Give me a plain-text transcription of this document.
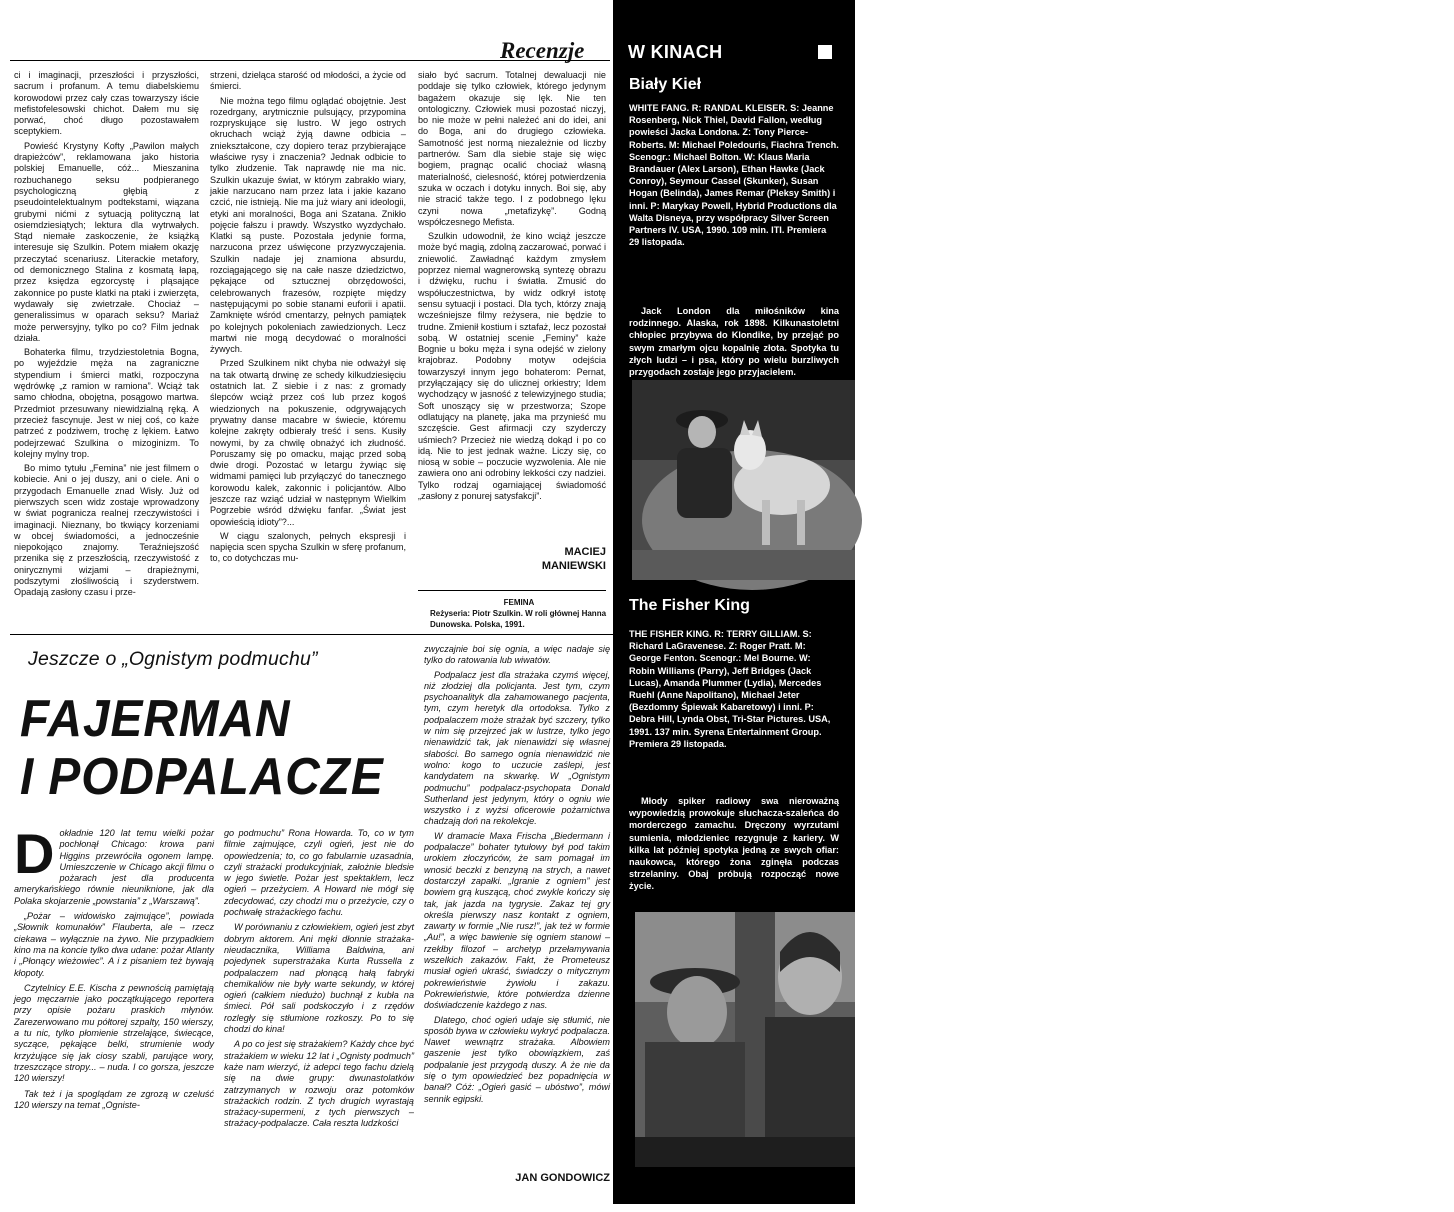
Recenzje

ci i imaginacji, przeszłości i przyszłości, sacrum i profanum. A temu diabelskiemu korowodowi przez cały czas towarzyszy iście mefistofelesowski chichot. Dałem mu się porwać, choć długo pozostawałem sceptykiem.

Powieść Krystyny Kofty „Pawilon małych drapieżców”, reklamowana jako historia polskiej Emanuelle, cóż... Mieszanina rozbuchanego seksu podpieranego psychologiczną głębią z pseudointelektualnym podtekstami, wiązana grubymi nićmi z sytuacją polityczną lat osiemdziesiątych; lektura dla wytrwałych. Stąd niemałe zaskoczenie, że książką interesuje się Szulkin. Potem miałem okazję przeczytać scenariusz. Literackie metafory, od demonicznego Stalina z kosmatą łapą, przez księdza egzorcystę i pląsające zakonnice po puste klatki na ptaki i zwierzęta, wydawały się zwietrzałe. Chociaż – generalissimus w oparach seksu? Mariaż może perwersyjny, tylko po co? Film jednak działa.

Bohaterka filmu, trzydziestoletnia Bogna, po wyjeździe męża na zagraniczne stypendium i śmierci matki, rozpoczyna wędrówkę „z ramion w ramiona”. Wciąż tak samo chłodna, obojętna, posągowo martwa. Przedmiot przesuwany niewidzialną ręką. A przecież fascynuje. Jest w niej coś, co każe patrzeć z podziwem, trochę z lękiem. Łatwo podejrzewać Szulkina o mizoginizm. To kolejny mylny trop.

Bo mimo tytułu „Femina” nie jest filmem o kobiecie. Ani o jej duszy, ani o ciele. Ani o przygodach Emanuelle znad Wisły. Już od pierwszych scen widz zostaje wprowadzony w świat pogranicza realnej rzeczywistości i imaginacji. Nieznany, bo tkwiący korzeniami w obcej świadomości, a jednocześnie niepokojąco znajomy. Teraźniejszość przenika się z przeszłością, rzeczywistość z onirycznymi wizjami – drapieżnymi, podszytymi złośliwością i szyderstwem. Opadają zasłony czasu i prze-

strzeni, dzieląca starość od młodości, a życie od śmierci.

Nie można tego filmu oglądać obojętnie. Jest rozedrgany, arytmicznie pulsujący, przypomina rozpryskujące się lustro. W jego ostrych okruchach wciąż żyją dawne odbicia – zniekształcone, czy dopiero teraz przybierające właściwe rysy i znaczenia? Jednak odbicie to tylko złudzenie. Tak naprawdę nie ma nic. Szulkin ukazuje świat, w którym zabrakło wiary, jakie narzucano nam przez lata i jakie kazano czcić, nie istnieją. Nie ma już wiary ani ideologii, etyki ani moralności, Boga ani Szatana. Znikło pojęcie fałszu i prawdy. Wszystko wyzdychało. Klatki są puste. Pozostała jedynie forma, narzucona przez uświęcone przyzwyczajenia. Szulkin nadaje jej znamiona absurdu, rozciągającego się na całe nasze dziedzictwo, pękające od sztucznej obrzędowości, celebrowanych frazesów, rozpięte między następującymi po sobie stanami euforii i apatii. Zamknięte wśród cmentarzy, pełnych pamiątek po kolejnych pokoleniach zawiedzionych. Lecz martwi nie mogą decydować o moralności żywych.

Przed Szulkinem nikt chyba nie odważył się na tak otwartą drwinę ze schedy kilkudziesięciu ostatnich lat. Z siebie i z nas: z gromady ślepców wciąż przez coś lub przez kogoś wiedzionych na pokuszenie, odgrywających prywatny danse macabre w świecie, któremu kolejne zakręty odbierały treść i sens. Kusiły nowymi, by za chwilę obnażyć ich złudność. Poruszamy się po omacku, mając przed sobą dwie drogi. Pozostać w letargu żywiąc się widmami pamięci lub przyłączyć do tanecznego korowodu kalek, zakonnic i policjantów. Albo jeszcze raz wziąć udział w następnym Wielkim Pogrzebie wśród dźwięku fanfar. „Świat jest opowieścią idioty”?...

W ciągu szalonych, pełnych ekspresji i napięcia scen spycha Szulkin w sferę profanum, to, co dotychczas mu-

siało być sacrum. Totalnej dewaluacji nie poddaje się tylko człowiek, którego jedynym bagażem okazuje się lęk. Nie ten ontologiczny. Człowiek musi pozostać niczyj, bo nie może w pełni należeć ani do idei, ani do Boga, ani do drugiego człowieka. Samotność jest normą niezależnie od liczby partnerów. Sam dla siebie staje się więc bogiem, pragnąc ocalić chociaż własną materialność, cielesność, której potwierdzenia szuka w oczach i dotyku innych. Boi się, aby nie stracić także tego. I z podobnego lęku czyni nowa „metafizykę”. Godną współczesnego Mefista.

Szulkin udowodnił, że kino wciąż jeszcze może być magią, zdolną zaczarować, porwać i zniewolić. Zawładnąć każdym zmysłem poprzez niemal wagnerowską syntezę obrazu i dźwięku, ruchu i światła. Zmusić do współuczestnictwa, by widz odkrył istotę sensu sytuacji i postaci. Dla tych, którzy znają wcześniejsze filmy reżysera, nie będzie to trudne. Zmienił kostium i sztafaż, lecz pozostał sobą. W ostatniej scenie „Feminy” każe Bognie u boku męża i syna odejść w zielony krajobraz. Podobny motyw odejścia towarzyszył innym jego bohaterom: Pernat, przyłączający się do ulicznej orkiestry; Idem wychodzący w jasność z telewizyjnego studia; Soft unoszący się w przestworza; Szope odlatujący na planetę, jaka ma przynieść mu szczęście. Gest afirmacji czy szyderczy uśmiech? Przecież nie wiedzą dokąd i po co idą. Nie to jest jednak ważne. Liczy się, co niosą w sobie – poczucie wyzwolenia. Ale nie zawiera ono ani odrobiny lekkości czy nadziei. Tylko rodzaj ogarniającej świadomość „zasłony z ponurej satysfakcji”.

MACIEJ
MANIEWSKI
FEMINA
Reżyseria: Piotr Szulkin. W roli głównej Hanna Dunowska. Polska, 1991.
W KINACH
Biały Kieł
WHITE FANG. R: RANDAL KLEISER. S: Jeanne Rosenberg, Nick Thiel, David Fallon, według powieści Jacka Londona. Z: Tony Pierce-Roberts. M: Michael Poledouris, Fiachra Trench. Scenogr.: Michael Bolton. W: Klaus Maria Brandauer (Alex Larson), Ethan Hawke (Jack Conroy), Seymour Cassel (Skunker), Susan Hogan (Belinda), James Remar (Pleksy Smith) i inni. P: Marykay Powell, Hybrid Productions dla Walta Disneya, przy współpracy Silver Screen Partners IV. USA, 1990. 109 min. ITI. Premiera 29 listopada.
Jack London dla miłośników kina rodzinnego. Alaska, rok 1898. Kilkunastoletni chłopiec przybywa do Klondike, by przejąć po swym zmarłym ojcu kopalnię złota. Spotyka tu złych ludzi – i psa, który po wielu burzliwych przygodach zostaje jego przyjacielem.
The Fisher King
THE FISHER KING. R: TERRY GILLIAM. S: Richard LaGravenese. Z: Roger Pratt. M: George Fenton. Scenogr.: Mel Bourne. W: Robin Williams (Parry), Jeff Bridges (Jack Lucas), Amanda Plummer (Lydia), Mercedes Ruehl (Anne Napolitano), Michael Jeter (Bezdomny Śpiewak Kabaretowy) i inni. P: Debra Hill, Lynda Obst, Tri-Star Pictures. USA, 1991. 137 min. Syrena Entertainment Group. Premiera 29 listopada.
Młody spiker radiowy swa nieroważną wypowiedzią prowokuje słuchacza-szaleńca do morderczego zamachu. Dręczony wyrzutami sumienia, młodzieniec rezygnuje z kariery. W kilka lat później spotyka jedną ze swych ofiar: naukowca, którego żona zginęła podczas strzelaniny. Obaj próbują rozpocząć nowe życie.
FILM NR 48, 1 GRUDNIA 1991
15
Jeszcze o „Ognistym podmuchu”
FAJERMAN
I PODPALACZE

Dokładnie 120 lat temu wielki pożar pochłonął Chicago: krowa pani Higgins przewróciła ogonem lampę. Umieszczenie w Chicago akcji filmu o pożarach jest dla producenta amerykańskiego równie nieuniknione, jak dla Polaka skojarzenie „powstania” z „Warszawą”.

„Pożar – widowisko zajmujące”, powiada „Słownik komunałów” Flauberta, ale – rzecz ciekawa – wyłącznie na żywo. Nie przypadkiem kino ma na koncie tylko dwa udane: pożar Atlanty i „Płonący wieżowiec”. A i z pisaniem też bywają kłopoty.

Czytelnicy E.E. Kischa z pewnością pamiętają jego męczarnie jako początkującego reportera przy opisie pożaru praskich młynów. Zarezerwowano mu półtorej szpalty, 150 wierszy, a tu nic, tylko płomienie strzelające, świecące, syczące, pękające belki, strumienie wody krzyżujące się jak ciosy szabli, parujące wory, trzeszczące stropy... – nuda. I co gorsza, jeszcze 120 wierszy!

Tak też i ja spoglądam ze zgrozą w czeluść 120 wierszy na temat „Ogniste-

go podmuchu” Rona Howarda. To, co w tym filmie zajmujące, czyli ogień, jest nie do opowiedzenia; to, co go fabularnie uzasadnia, czyli strażacki produkcyjniak, założnie bledsie w jego świetle. Pożar jest spektaklem, lecz ogień – przeżyciem. A Howard nie mógł się zdecydować, czy chodzi mu o przeżycie, czy o pochwałę strażackiego fachu.

W porównaniu z człowiekiem, ogień jest zbyt dobrym aktorem. Ani męki dłonnie strażaka-nieudacznika, Williama Baldwina, ani pojedynek superstrażaka Kurta Russella z podpalaczem nad płonącą hałą fabryki chemikaliów nie były warte sekundy, w której ogień (całkiem niedużo) buchnął z kubła na śmieci. Pół sali podskoczyło i z rzędów rozległy się stłumione rozkoszy. Po to się chodzi do kina!

A po co jest się strażakiem? Każdy chce być strażakiem w wieku 12 lat i „Ognisty podmuch” każe nam wierzyć, iż adepci tego fachu dzielą się na dwie grupy: dwunastolatków zatrzymanych w rozwoju oraz potomków strażackich rodzin. Z tych drugich wyrastają strażacy-supermeni, z tych pierwszych – strażacy-podpalacze. Cała reszta ludzkości

zwyczajnie boi się ognia, a więc nadaje się tylko do ratowania lub wiwatów.

Podpalacz jest dla strażaka czymś więcej, niż złodziej dla policjanta. Jest tym, czym psychoanalityk dla zahamowanego pacjenta, tym, czym heretyk dla ortodoksa. Tylko z podpalaczem może strażak być szczery, tylko w nim się przejrzeć jak w lustrze, tylko jego nienawidzić tak, jak nienawidzi się własnej słabości. Bo samego ognia nienawidzić nie wolno: kogo to uczucie zaślepi, jest kandydatem na skwarkę. W „Ognistym podmuchu” podpalacz-psychopata Donald Sutherland jest jedynym, który o ogniu wie wszystko i z wyżsi oficerowie pożarnictwa chadzają doń na rekolekcje.

W dramacie Maxa Frischa „Biedermann i podpalacze” bohater tytułowy był pod takim urokiem złoczyńców, że sam pomagał im wnosić beczki z benzyną na strych, a nawet dostarczył zapałki. „Igranie z ogniem” jest bowiem grą kuszącą, choć zwykle kończy się tak, jak jazda na tygrysie. Zakaz tej gry określa pierwszy nasz kontakt z ogniem, zawarty w formie „Nie rusz!”, jak też w formie „Au!”, a więc bawienie się ogniem stanowi – rzekłby filozof – archetyp przełamywania wszelkich zakazów. Fakt, że Prometeusz musiał ogień ukraść, świadczy o mitycznym pokrewieństwie żywiołu i zakazu. Pokrewieństwie, które potwierdza dzienne doświadczenie każdego z nas.

Dlatego, choć ogień udaje się stłumić, nie sposób bywa w człowieku wykryć podpalacza. Nawet wewnątrz strażaka. Albowiem gaszenie jest tylko obowiązkiem, zaś podpalanie jest przygodą duszy. A że nie da się o tym opowiedzieć bez popadnięcia w banał? Cóż: „Ogień gasić – ubóstwo”, mówi sennik egipski.

JAN GONDOWICZ
